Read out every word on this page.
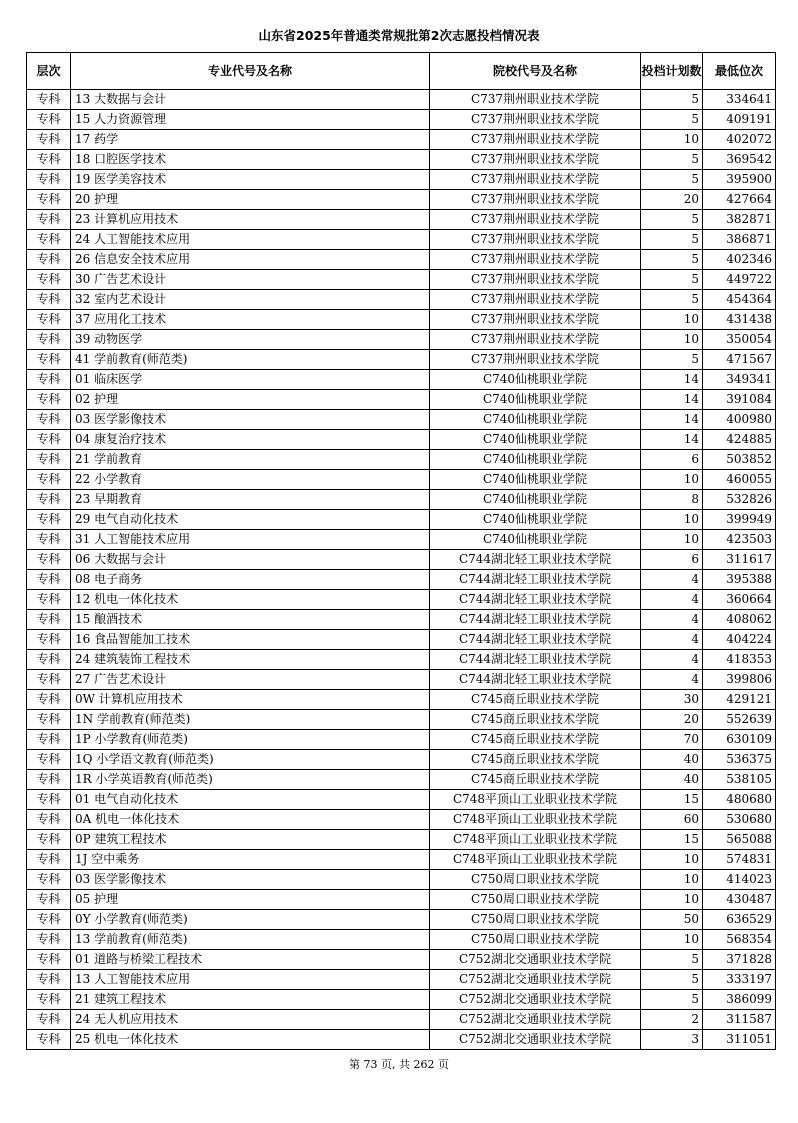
山东省2025年普通类常规批第2次志愿投档情况表
层次	专业代号及名称	院校代号及名称	投档计划数	最低位次
专科	13 大数据与会计	C737荆州职业技术学院	5	334641
专科	15 人力资源管理	C737荆州职业技术学院	5	409191
专科	17 药学	C737荆州职业技术学院	10	402072
专科	18 口腔医学技术	C737荆州职业技术学院	5	369542
专科	19 医学美容技术	C737荆州职业技术学院	5	395900
专科	20 护理	C737荆州职业技术学院	20	427664
专科	23 计算机应用技术	C737荆州职业技术学院	5	382871
专科	24 人工智能技术应用	C737荆州职业技术学院	5	386871
专科	26 信息安全技术应用	C737荆州职业技术学院	5	402346
专科	30 广告艺术设计	C737荆州职业技术学院	5	449722
专科	32 室内艺术设计	C737荆州职业技术学院	5	454364
专科	37 应用化工技术	C737荆州职业技术学院	10	431438
专科	39 动物医学	C737荆州职业技术学院	10	350054
专科	41 学前教育(师范类)	C737荆州职业技术学院	5	471567
专科	01 临床医学	C740仙桃职业学院	14	349341
专科	02 护理	C740仙桃职业学院	14	391084
专科	03 医学影像技术	C740仙桃职业学院	14	400980
专科	04 康复治疗技术	C740仙桃职业学院	14	424885
专科	21 学前教育	C740仙桃职业学院	6	503852
专科	22 小学教育	C740仙桃职业学院	10	460055
专科	23 早期教育	C740仙桃职业学院	8	532826
专科	29 电气自动化技术	C740仙桃职业学院	10	399949
专科	31 人工智能技术应用	C740仙桃职业学院	10	423503
专科	06 大数据与会计	C744湖北轻工职业技术学院	6	311617
专科	08 电子商务	C744湖北轻工职业技术学院	4	395388
专科	12 机电一体化技术	C744湖北轻工职业技术学院	4	360664
专科	15 酿酒技术	C744湖北轻工职业技术学院	4	408062
专科	16 食品智能加工技术	C744湖北轻工职业技术学院	4	404224
专科	24 建筑装饰工程技术	C744湖北轻工职业技术学院	4	418353
专科	27 广告艺术设计	C744湖北轻工职业技术学院	4	399806
专科	0W 计算机应用技术	C745商丘职业技术学院	30	429121
专科	1N 学前教育(师范类)	C745商丘职业技术学院	20	552639
专科	1P 小学教育(师范类)	C745商丘职业技术学院	70	630109
专科	1Q 小学语文教育(师范类)	C745商丘职业技术学院	40	536375
专科	1R 小学英语教育(师范类)	C745商丘职业技术学院	40	538105
专科	01 电气自动化技术	C748平顶山工业职业技术学院	15	480680
专科	0A 机电一体化技术	C748平顶山工业职业技术学院	60	530680
专科	0P 建筑工程技术	C748平顶山工业职业技术学院	15	565088
专科	1J 空中乘务	C748平顶山工业职业技术学院	10	574831
专科	03 医学影像技术	C750周口职业技术学院	10	414023
专科	05 护理	C750周口职业技术学院	10	430487
专科	0Y 小学教育(师范类)	C750周口职业技术学院	50	636529
专科	13 学前教育(师范类)	C750周口职业技术学院	10	568354
专科	01 道路与桥梁工程技术	C752湖北交通职业技术学院	5	371828
专科	13 人工智能技术应用	C752湖北交通职业技术学院	5	333197
专科	21 建筑工程技术	C752湖北交通职业技术学院	5	386099
专科	24 无人机应用技术	C752湖北交通职业技术学院	2	311587
专科	25 机电一体化技术	C752湖北交通职业技术学院	3	311051
第 73 页, 共 262 页
